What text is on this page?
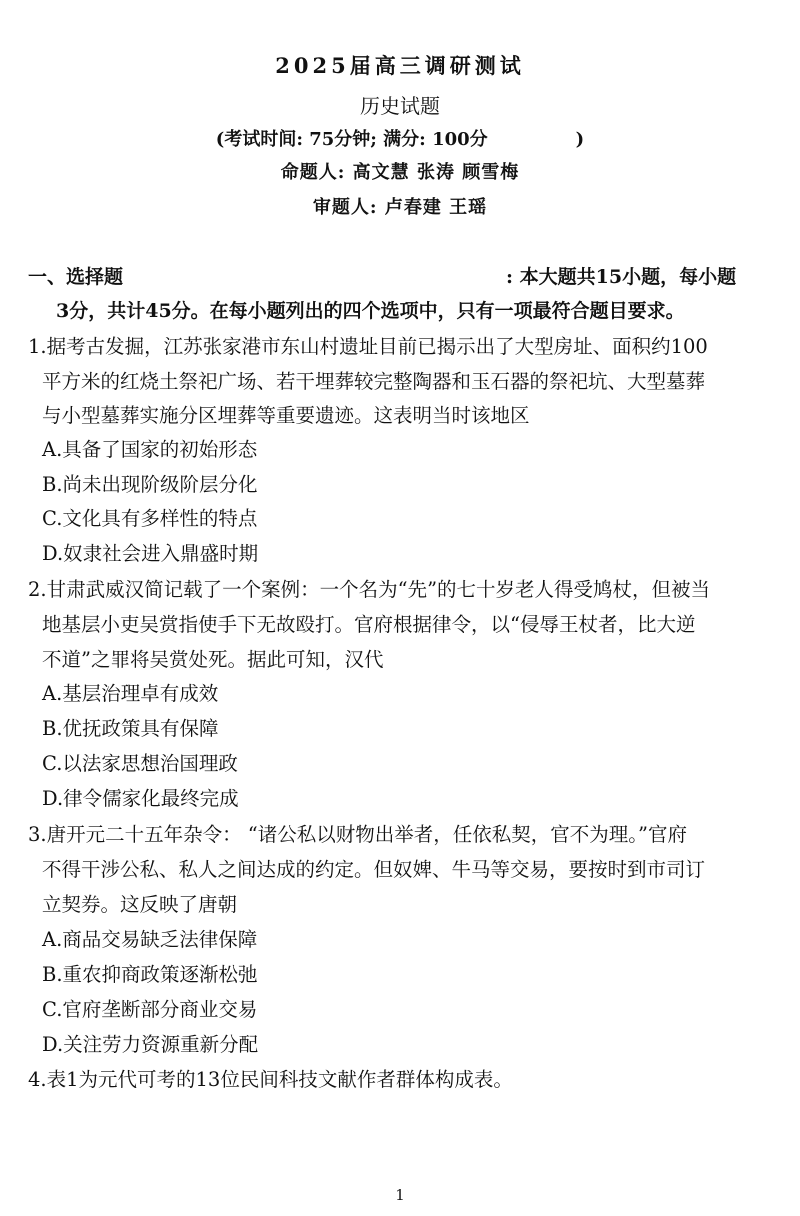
2025届高三调研测试
历史试题
(考试时间: 75分钟; 满分: 100分	)
命题人: 高文慧 张涛 顾雪梅
审题人: 卢春建 王瑶
一、选择题	: 本大题共15小题，每小题
3分，共计45分。在每小题列出的四个选项中，只有一项最符合题目要求。
1.据考古发掘，江苏张家港市东山村遗址目前已揭示出了大型房址、面积约100
平方米的红烧土祭祀广场、若干埋葬较完整陶器和玉石器的祭祀坑、大型墓葬
与小型墓葬实施分区埋葬等重要遗迹。这表明当时该地区
A.具备了国家的初始形态
B.尚未出现阶级阶层分化
C.文化具有多样性的特点
D.奴隶社会进入鼎盛时期
2.甘肃武威汉简记载了一个案例：一个名为“先”的七十岁老人得受鸠杖，但被当
地基层小吏吴赏指使手下无故殴打。官府根据律令，以“侵辱王杖者，比大逆
不道”之罪将吴赏处死。据此可知，汉代
A.基层治理卓有成效
B.优抚政策具有保障
C.以法家思想治国理政
D.律令儒家化最终完成
3.唐开元二十五年杂令： “诸公私以财物出举者，任依私契，官不为理。”官府
不得干涉公私、私人之间达成的约定。但奴婢、牛马等交易，要按时到市司订
立契券。这反映了唐朝
A.商品交易缺乏法律保障
B.重农抑商政策逐渐松弛
C.官府垄断部分商业交易
D.关注劳力资源重新分配
4.表1为元代可考的13位民间科技文献作者群体构成表。
1
